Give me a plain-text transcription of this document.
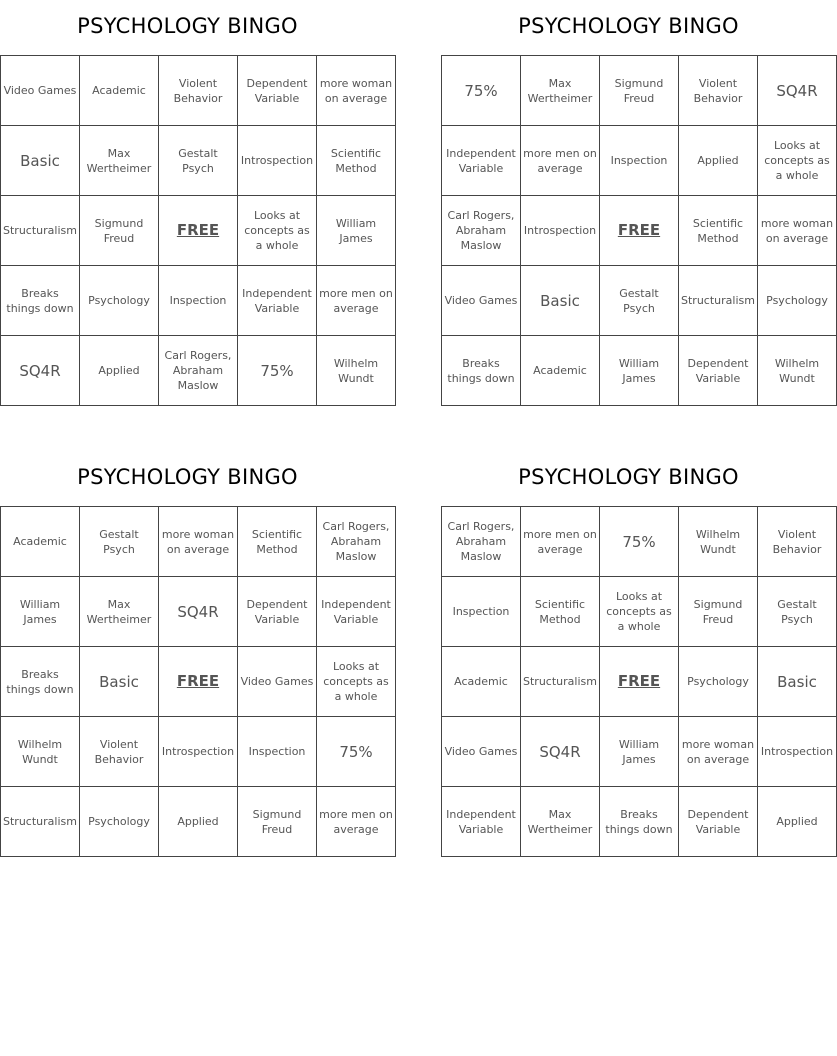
PSYCHOLOGY BINGO
Video Games	Academic	Violent Behavior	Dependent Variable	more woman on average
Basic	Max Wertheimer	Gestalt Psych	Introspection	Scientific Method
Structuralism	Sigmund Freud	FREE	Looks at concepts as a whole	William James
Breaks things down	Psychology	Inspection	Independent Variable	more men on average
SQ4R	Applied	Carl Rogers, Abraham Maslow	75%	Wilhelm Wundt
PSYCHOLOGY BINGO
75%	Max Wertheimer	Sigmund Freud	Violent Behavior	SQ4R
Independent Variable	more men on average	Inspection	Applied	Looks at concepts as a whole
Carl Rogers, Abraham Maslow	Introspection	FREE	Scientific Method	more woman on average
Video Games	Basic	Gestalt Psych	Structuralism	Psychology
Breaks things down	Academic	William James	Dependent Variable	Wilhelm Wundt
PSYCHOLOGY BINGO
Academic	Gestalt Psych	more woman on average	Scientific Method	Carl Rogers, Abraham Maslow
William James	Max Wertheimer	SQ4R	Dependent Variable	Independent Variable
Breaks things down	Basic	FREE	Video Games	Looks at concepts as a whole
Wilhelm Wundt	Violent Behavior	Introspection	Inspection	75%
Structuralism	Psychology	Applied	Sigmund Freud	more men on average
PSYCHOLOGY BINGO
Carl Rogers, Abraham Maslow	more men on average	75%	Wilhelm Wundt	Violent Behavior
Inspection	Scientific Method	Looks at concepts as a whole	Sigmund Freud	Gestalt Psych
Academic	Structuralism	FREE	Psychology	Basic
Video Games	SQ4R	William James	more woman on average	Introspection
Independent Variable	Max Wertheimer	Breaks things down	Dependent Variable	Applied
